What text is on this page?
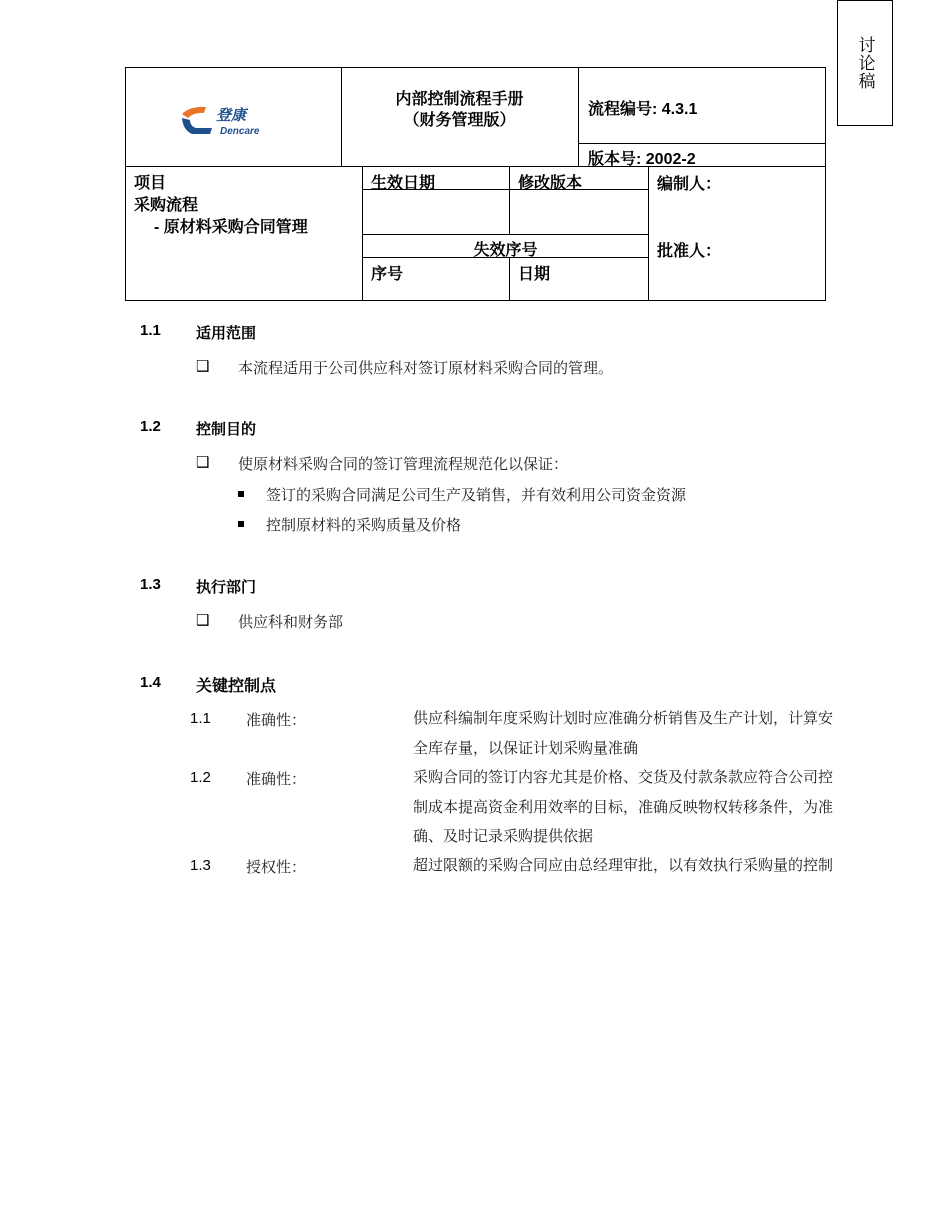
讨论稿
登康
Dencare
内部控制流程手册
（财务管理版）
流程编号: 4.3.1
版本号: 2002-2
项目
采购流程
- 原材料采购合同管理
生效日期	修改版本	编制人：
失效序号	批准人：
序号	日期
1.1 适用范围
❑ 本流程适用于公司供应科对签订原材料采购合同的管理。
1.2 控制目的
❑ 使原材料采购合同的签订管理流程规范化以保证：
签订的采购合同满足公司生产及销售，并有效利用公司资金资源
控制原材料的采购质量及价格
1.3 执行部门
❑ 供应科和财务部
1.4 关键控制点
1.1 准确性：	供应科编制年度采购计划时应准确分析销售及生产计划，计算安全库存量，以保证计划采购量准确
1.2 准确性：	采购合同的签订内容尤其是价格、交货及付款条款应符合公司控制成本提高资金利用效率的目标，准确反映物权转移条件，为准确、及时记录采购提供依据
1.3 授权性：	超过限额的采购合同应由总经理审批，以有效执行采购量的控制
